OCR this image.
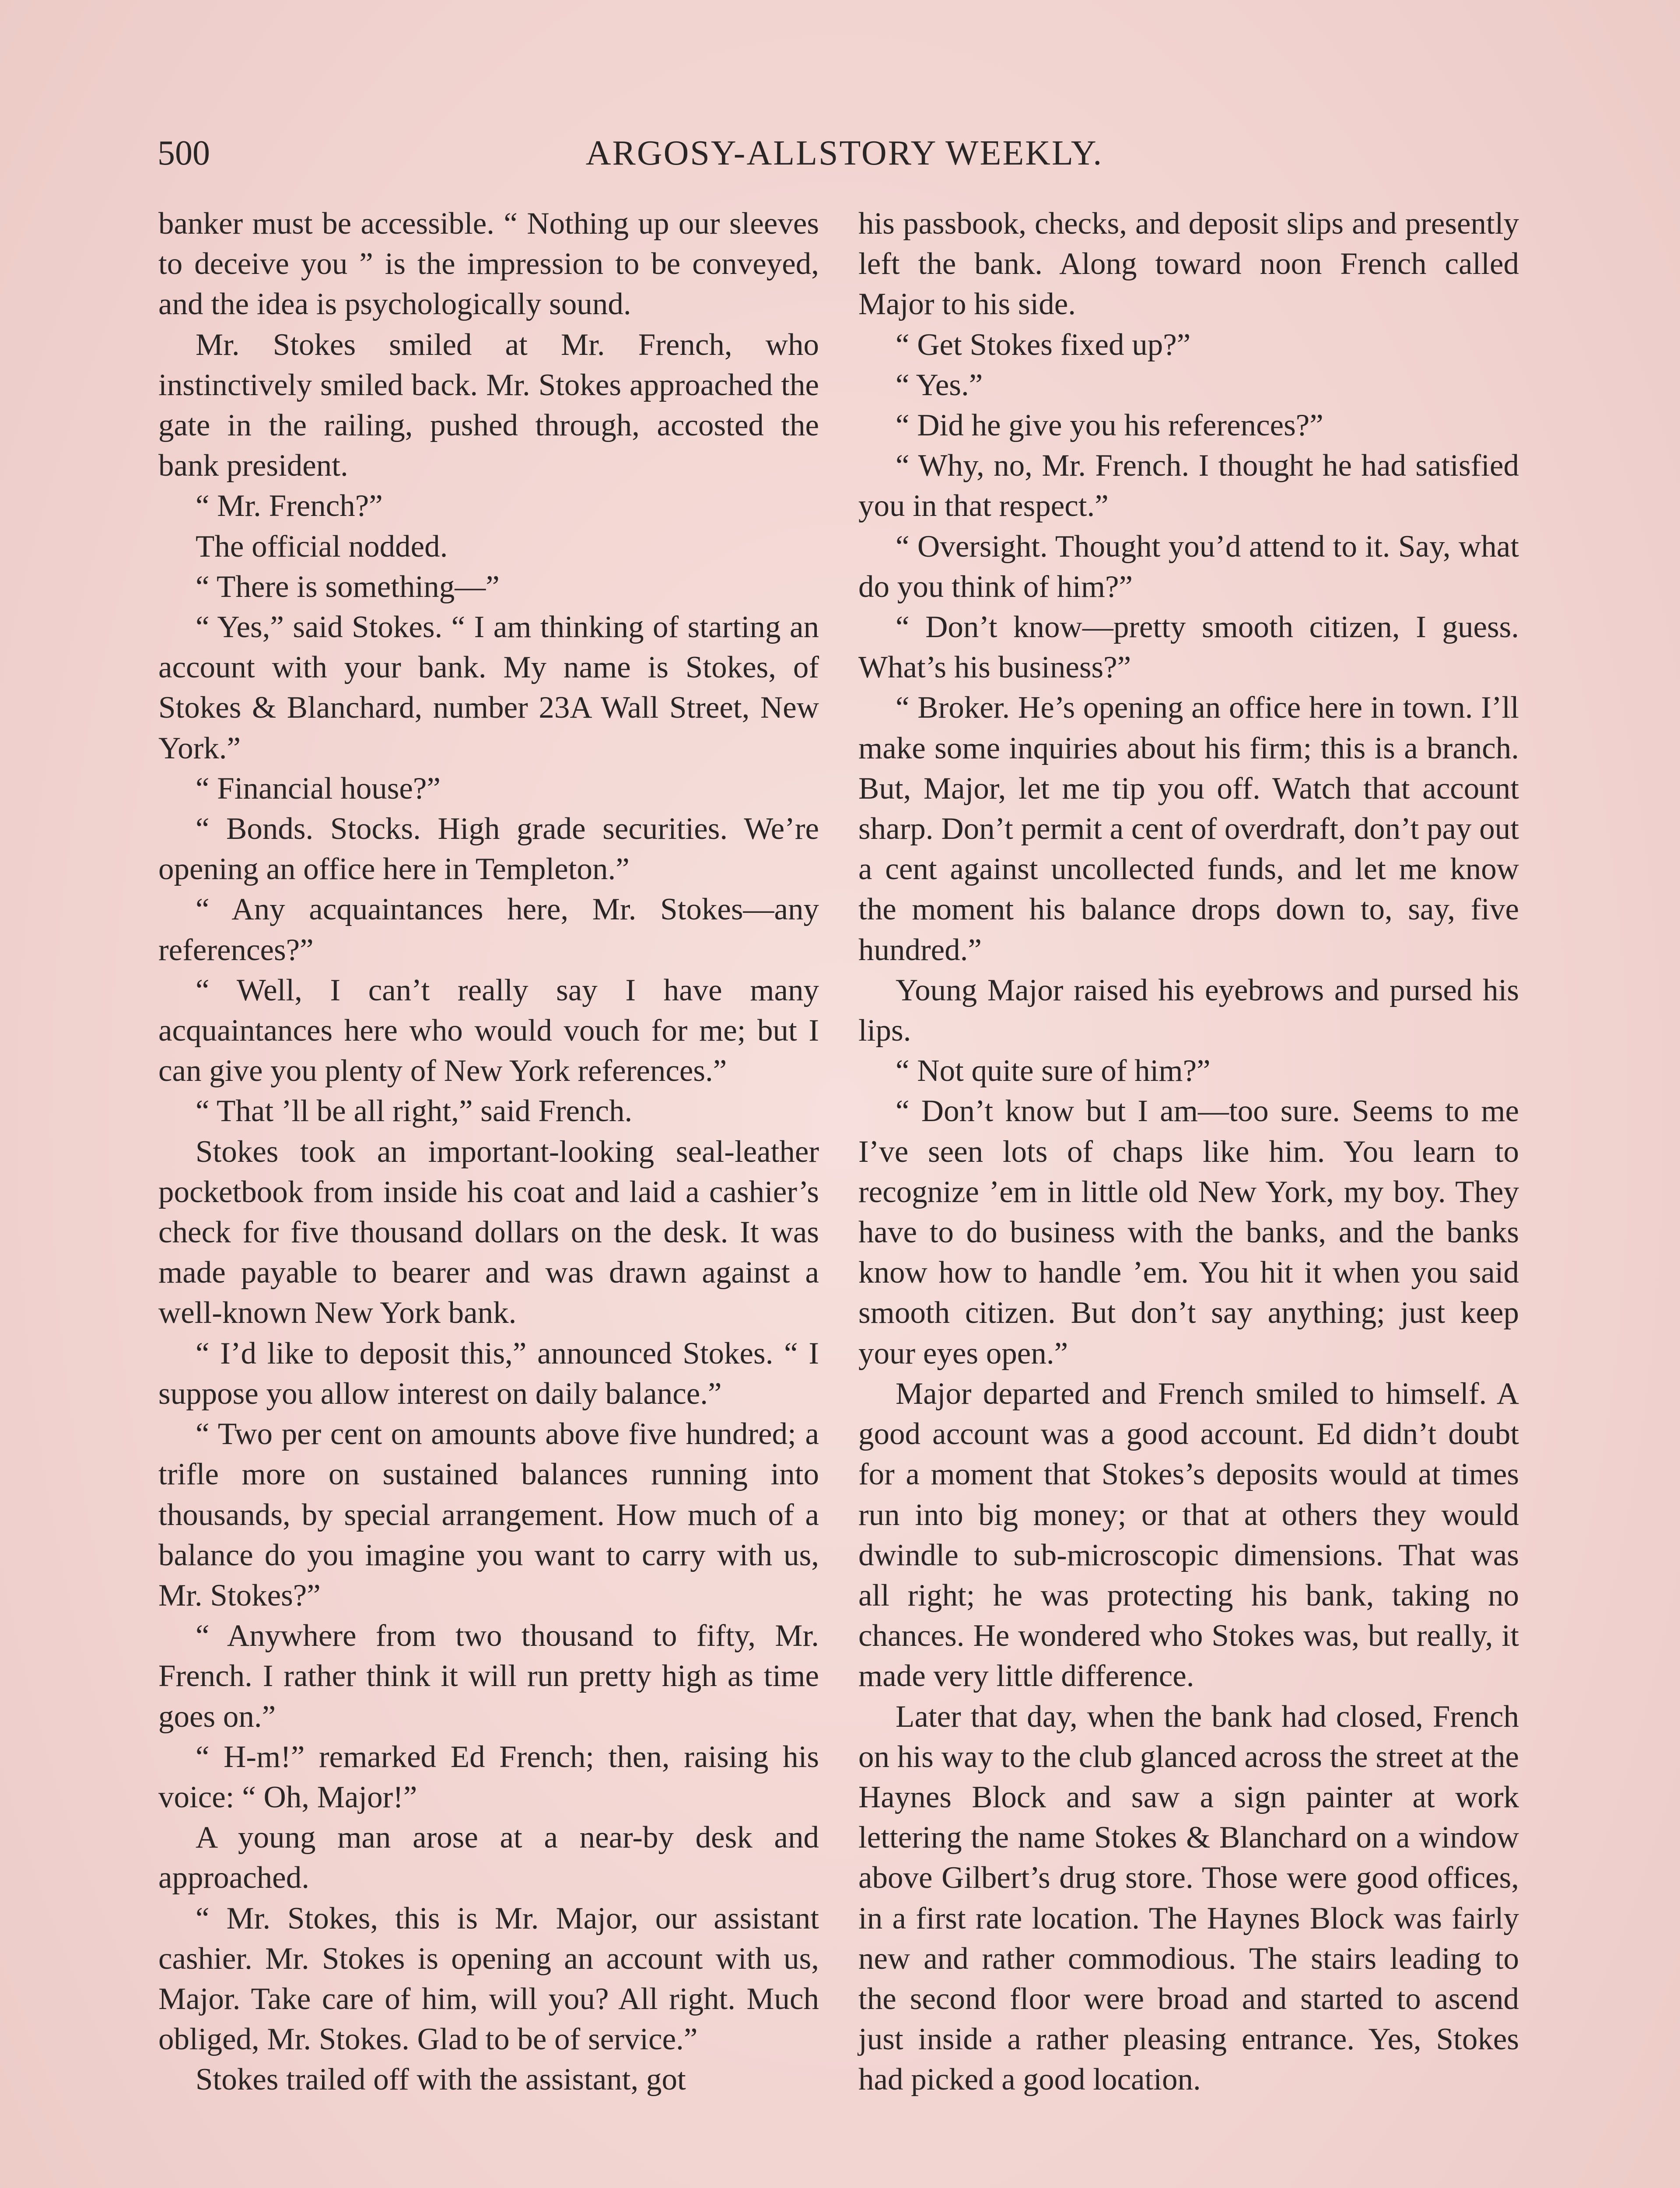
500	ARGOSY-ALLSTORY WEEKLY.

banker must be accessible. “ Nothing up our sleeves to deceive you ” is the impression to be conveyed, and the idea is psychologically sound.

Mr. Stokes smiled at Mr. French, who instinctively smiled back. Mr. Stokes approached the gate in the railing, pushed through, accosted the bank president.

“ Mr. French?”

The official nodded.

“ There is something—”

“ Yes,” said Stokes. “ I am thinking of starting an account with your bank. My name is Stokes, of Stokes & Blanchard, number 23A Wall Street, New York.”

“ Financial house?”

“ Bonds. Stocks. High grade securities. We’re opening an office here in Templeton.”

“ Any acquaintances here, Mr. Stokes—any references?”

“ Well, I can’t really say I have many acquaintances here who would vouch for me; but I can give you plenty of New York references.”

“ That ’ll be all right,” said French.

Stokes took an important-looking seal-leather pocketbook from inside his coat and laid a cashier’s check for five thousand dollars on the desk. It was made payable to bearer and was drawn against a well-known New York bank.

“ I’d like to deposit this,” announced Stokes. “ I suppose you allow interest on daily balance.”

“ Two per cent on amounts above five hundred; a trifle more on sustained balances running into thousands, by special arrangement. How much of a balance do you imagine you want to carry with us, Mr. Stokes?”

“ Anywhere from two thousand to fifty, Mr. French. I rather think it will run pretty high as time goes on.”

“ H-m!” remarked Ed French; then, raising his voice: “ Oh, Major!”

A young man arose at a near-by desk and approached.

“ Mr. Stokes, this is Mr. Major, our assistant cashier. Mr. Stokes is opening an account with us, Major. Take care of him, will you? All right. Much obliged, Mr. Stokes. Glad to be of service.”

Stokes trailed off with the assistant, got

his passbook, checks, and deposit slips and presently left the bank. Along toward noon French called Major to his side.

“ Get Stokes fixed up?”

“ Yes.”

“ Did he give you his references?”

“ Why, no, Mr. French. I thought he had satisfied you in that respect.”

“ Oversight. Thought you’d attend to it. Say, what do you think of him?”

“ Don’t know—pretty smooth citizen, I guess. What’s his business?”

“ Broker. He’s opening an office here in town. I’ll make some inquiries about his firm; this is a branch. But, Major, let me tip you off. Watch that account sharp. Don’t permit a cent of overdraft, don’t pay out a cent against uncollected funds, and let me know the moment his balance drops down to, say, five hundred.”

Young Major raised his eyebrows and pursed his lips.

“ Not quite sure of him?”

“ Don’t know but I am—too sure. Seems to me I’ve seen lots of chaps like him. You learn to recognize ’em in little old New York, my boy. They have to do business with the banks, and the banks know how to handle ’em. You hit it when you said smooth citizen. But don’t say anything; just keep your eyes open.”

Major departed and French smiled to himself. A good account was a good account. Ed didn’t doubt for a moment that Stokes’s deposits would at times run into big money; or that at others they would dwindle to sub-microscopic dimensions. That was all right; he was protecting his bank, taking no chances. He wondered who Stokes was, but really, it made very little difference.

Later that day, when the bank had closed, French on his way to the club glanced across the street at the Haynes Block and saw a sign painter at work lettering the name Stokes & Blanchard on a window above Gilbert’s drug store. Those were good offices, in a first rate location. The Haynes Block was fairly new and rather commodious. The stairs leading to the second floor were broad and started to ascend just inside a rather pleasing entrance. Yes, Stokes had picked a good location.
